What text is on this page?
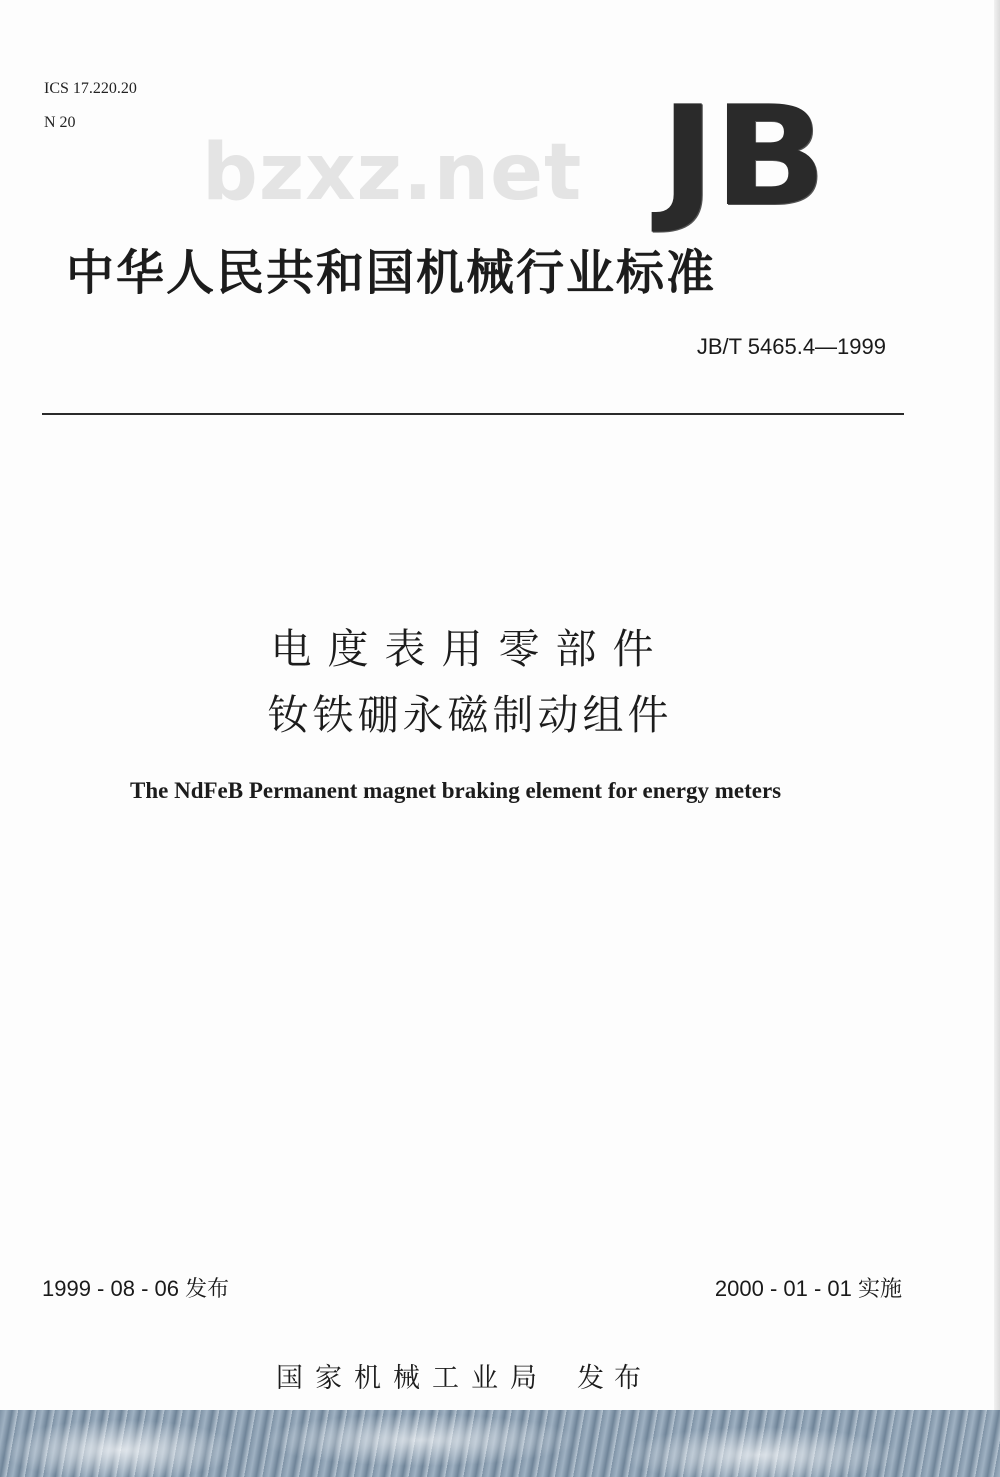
ICS 17.220.20
N 20
bzxz.net JB
中华人民共和国机械行业标准
JB/T 5465.4—1999
电度表用零部件
钕铁硼永磁制动组件
The NdFeB Permanent magnet braking element for energy meters
1999 - 08 - 06 发布	2000 - 01 - 01 实施
国家机械工业局 发布
